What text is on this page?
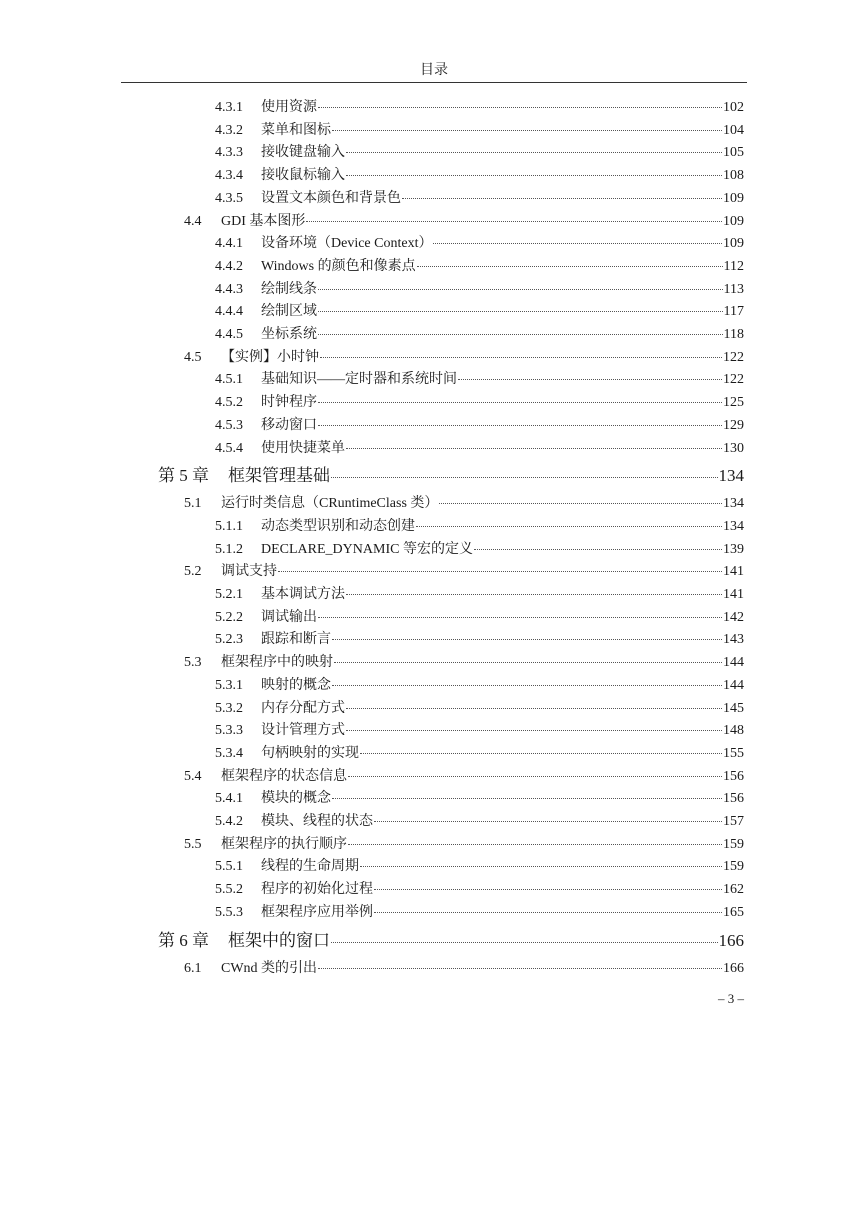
目录
4.3.1	使用资源	102
4.3.2	菜单和图标	104
4.3.3	接收键盘输入	105
4.3.4	接收鼠标输入	108
4.3.5	设置文本颜色和背景色	109
4.4	GDI 基本图形	109
4.4.1	设备环境（Device Context）	109
4.4.2	Windows 的颜色和像素点	112
4.4.3	绘制线条	113
4.4.4	绘制区域	117
4.4.5	坐标系统	118
4.5	【实例】小时钟	122
4.5.1	基础知识——定时器和系统时间	122
4.5.2	时钟程序	125
4.5.3	移动窗口	129
4.5.4	使用快捷菜单	130
第 5 章	框架管理基础	134
5.1	运行时类信息（CRuntimeClass 类）	134
5.1.1	动态类型识别和动态创建	134
5.1.2	DECLARE_DYNAMIC 等宏的定义	139
5.2	调试支持	141
5.2.1	基本调试方法	141
5.2.2	调试输出	142
5.2.3	跟踪和断言	143
5.3	框架程序中的映射	144
5.3.1	映射的概念	144
5.3.2	内存分配方式	145
5.3.3	设计管理方式	148
5.3.4	句柄映射的实现	155
5.4	框架程序的状态信息	156
5.4.1	模块的概念	156
5.4.2	模块、线程的状态	157
5.5	框架程序的执行顺序	159
5.5.1	线程的生命周期	159
5.5.2	程序的初始化过程	162
5.5.3	框架程序应用举例	165
第 6 章	框架中的窗口	166
6.1	CWnd 类的引出	166
– 3 –
